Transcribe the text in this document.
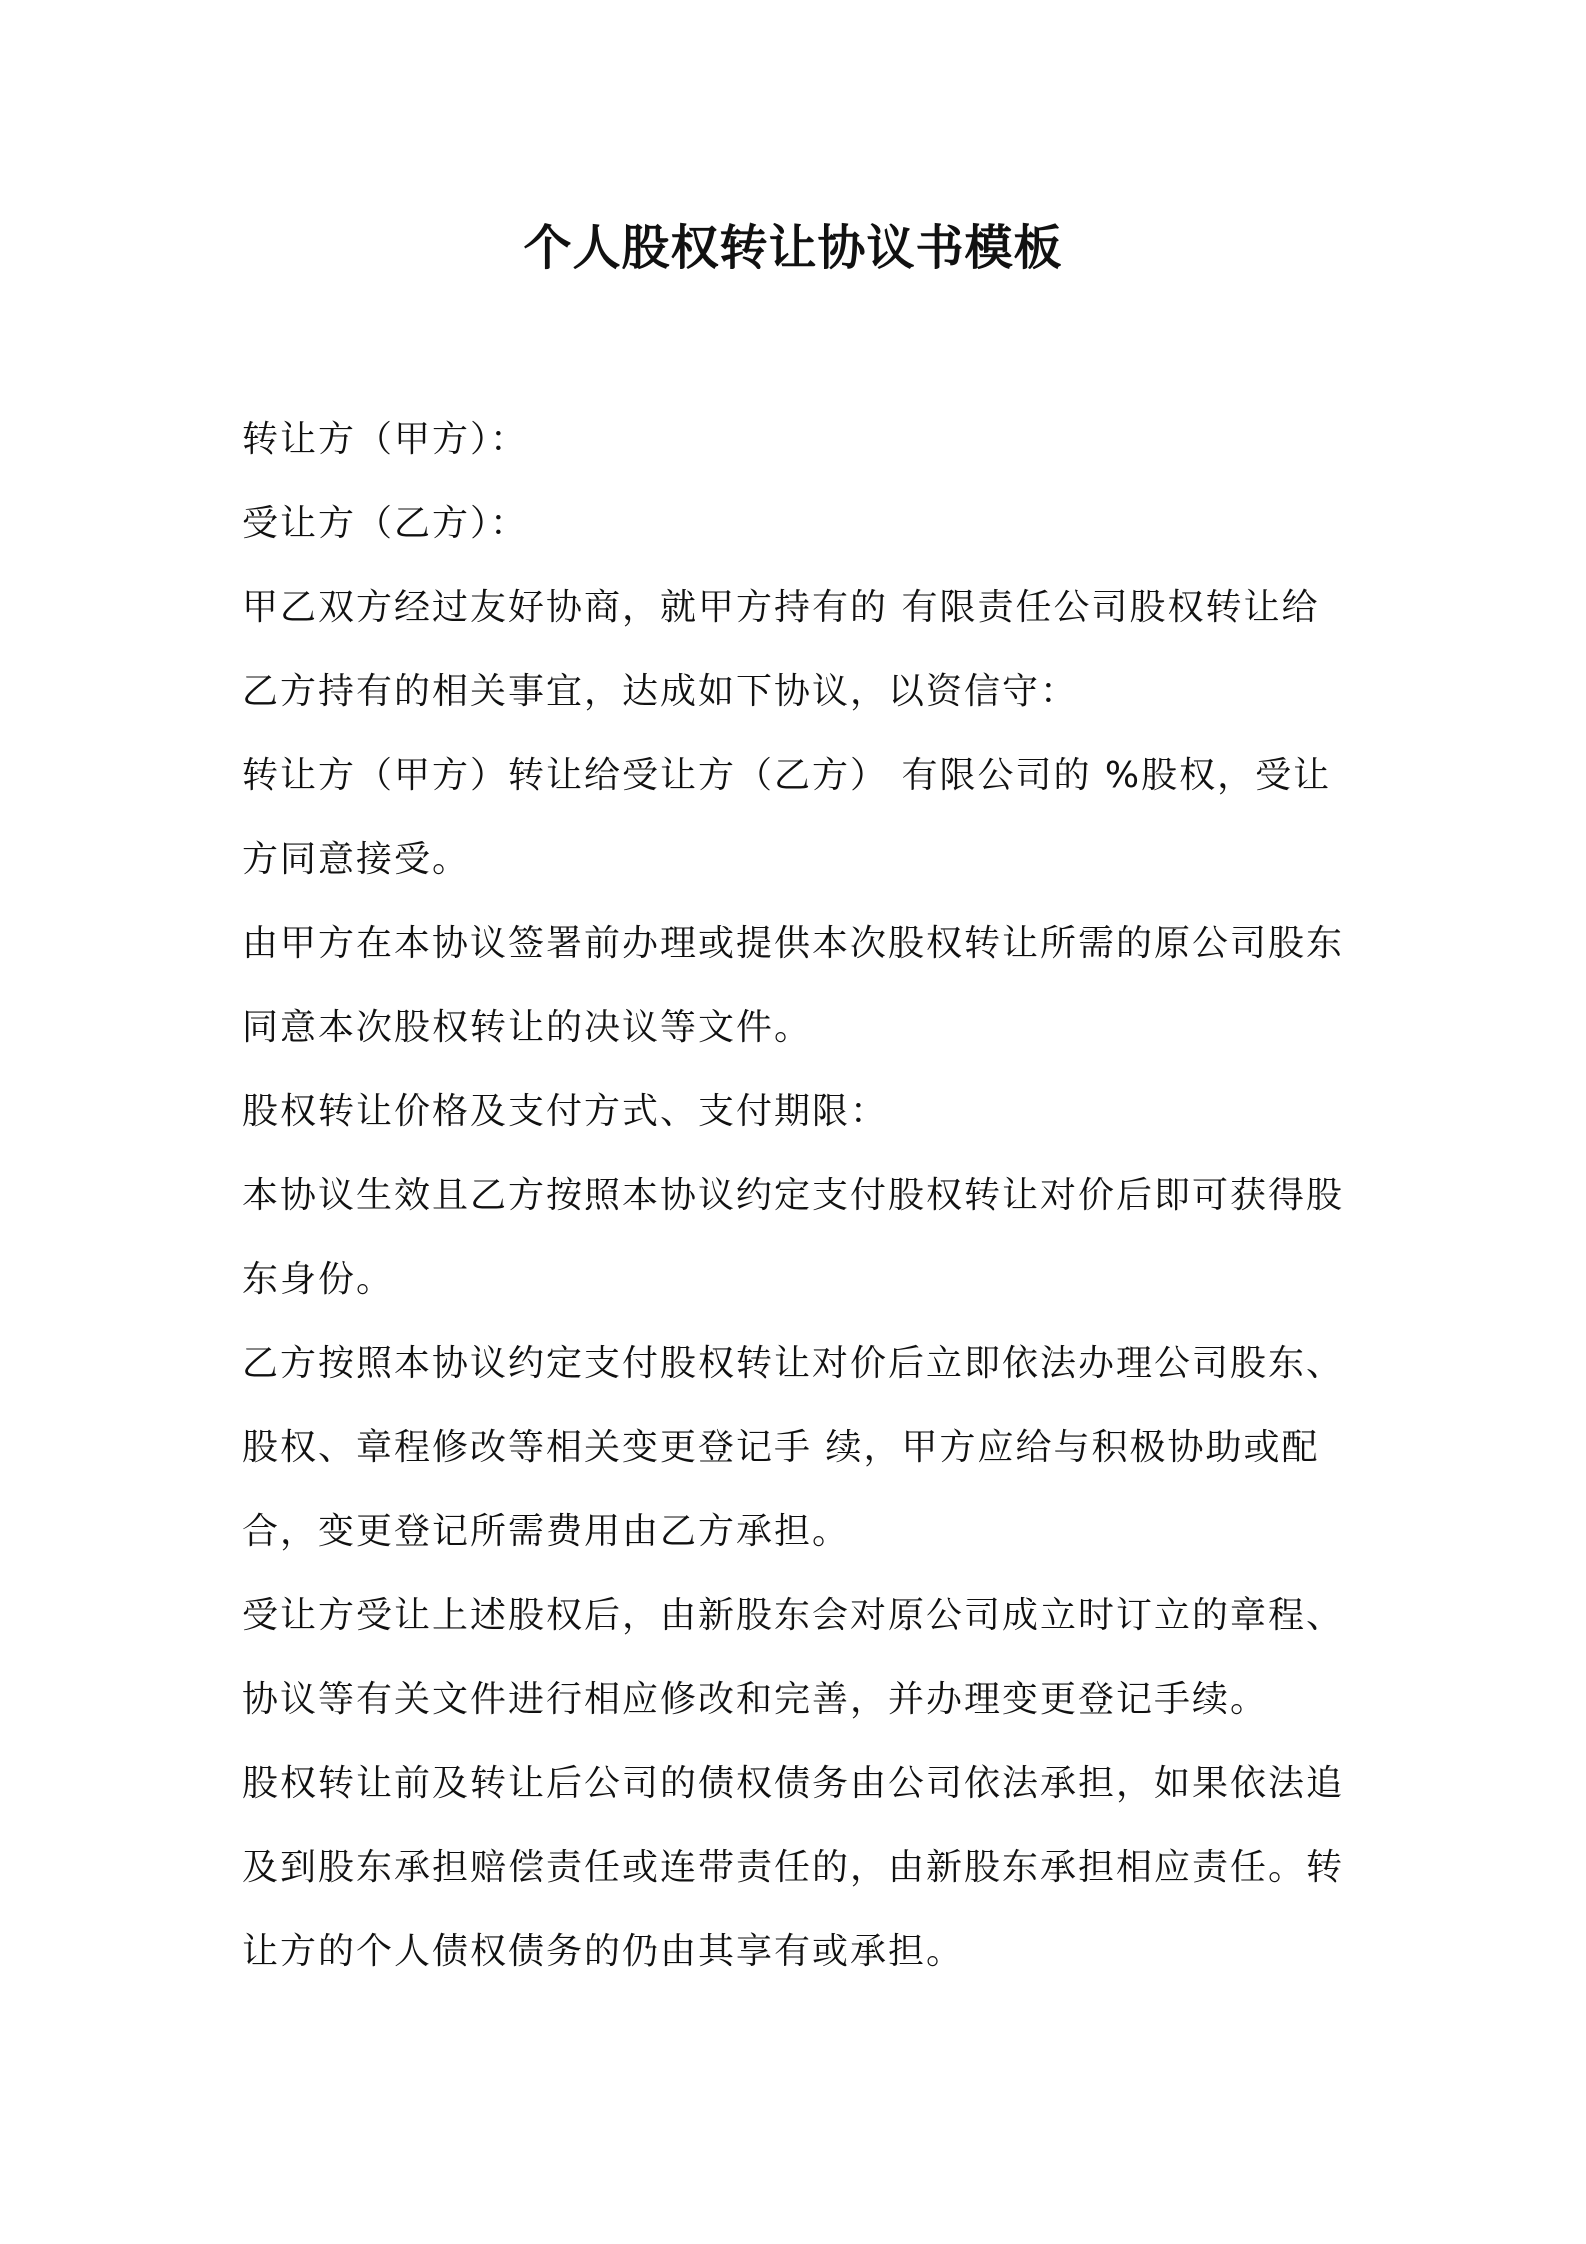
个人股权转让协议书模板

转让方（甲方）：

受让方（乙方）：

甲乙双方经过友好协商，就甲方持有的 有限责任公司股权转让给乙方持有的相关事宜，达成如下协议，以资信守：

转让方（甲方）转让给受让方（乙方） 有限公司的 %股权，受让方同意接受。

由甲方在本协议签署前办理或提供本次股权转让所需的原公司股东同意本次股权转让的决议等文件。

股权转让价格及支付方式、支付期限：

本协议生效且乙方按照本协议约定支付股权转让对价后即可获得股东身份。

乙方按照本协议约定支付股权转让对价后立即依法办理公司股东、股权、章程修改等相关变更登记手 续，甲方应给与积极协助或配合，变更登记所需费用由乙方承担。

受让方受让上述股权后，由新股东会对原公司成立时订立的章程、协议等有关文件进行相应修改和完善，并办理变更登记手续。

股权转让前及转让后公司的债权债务由公司依法承担，如果依法追及到股东承担赔偿责任或连带责任的，由新股东承担相应责任。转让方的个人债权债务的仍由其享有或承担。
